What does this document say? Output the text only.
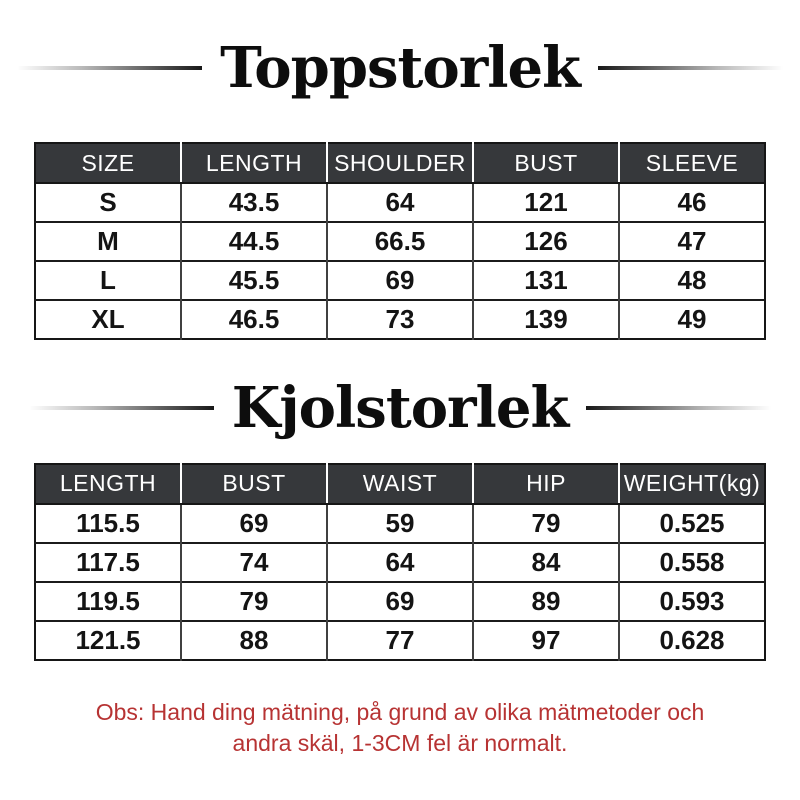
Toppstorlek
SIZE	LENGTH	SHOULDER	BUST	SLEEVE
S	43.5	64	121	46
M	44.5	66.5	126	47
L	45.5	69	131	48
XL	46.5	73	139	49
Kjolstorlek
LENGTH	BUST	WAIST	HIP	WEIGHT(kg)
115.5	69	59	79	0.525
117.5	74	64	84	0.558
119.5	79	69	89	0.593
121.5	88	77	97	0.628
Obs: Hand ding mätning, på grund av olika mätmetoder och
andra skäl, 1-3CM fel är normalt.
